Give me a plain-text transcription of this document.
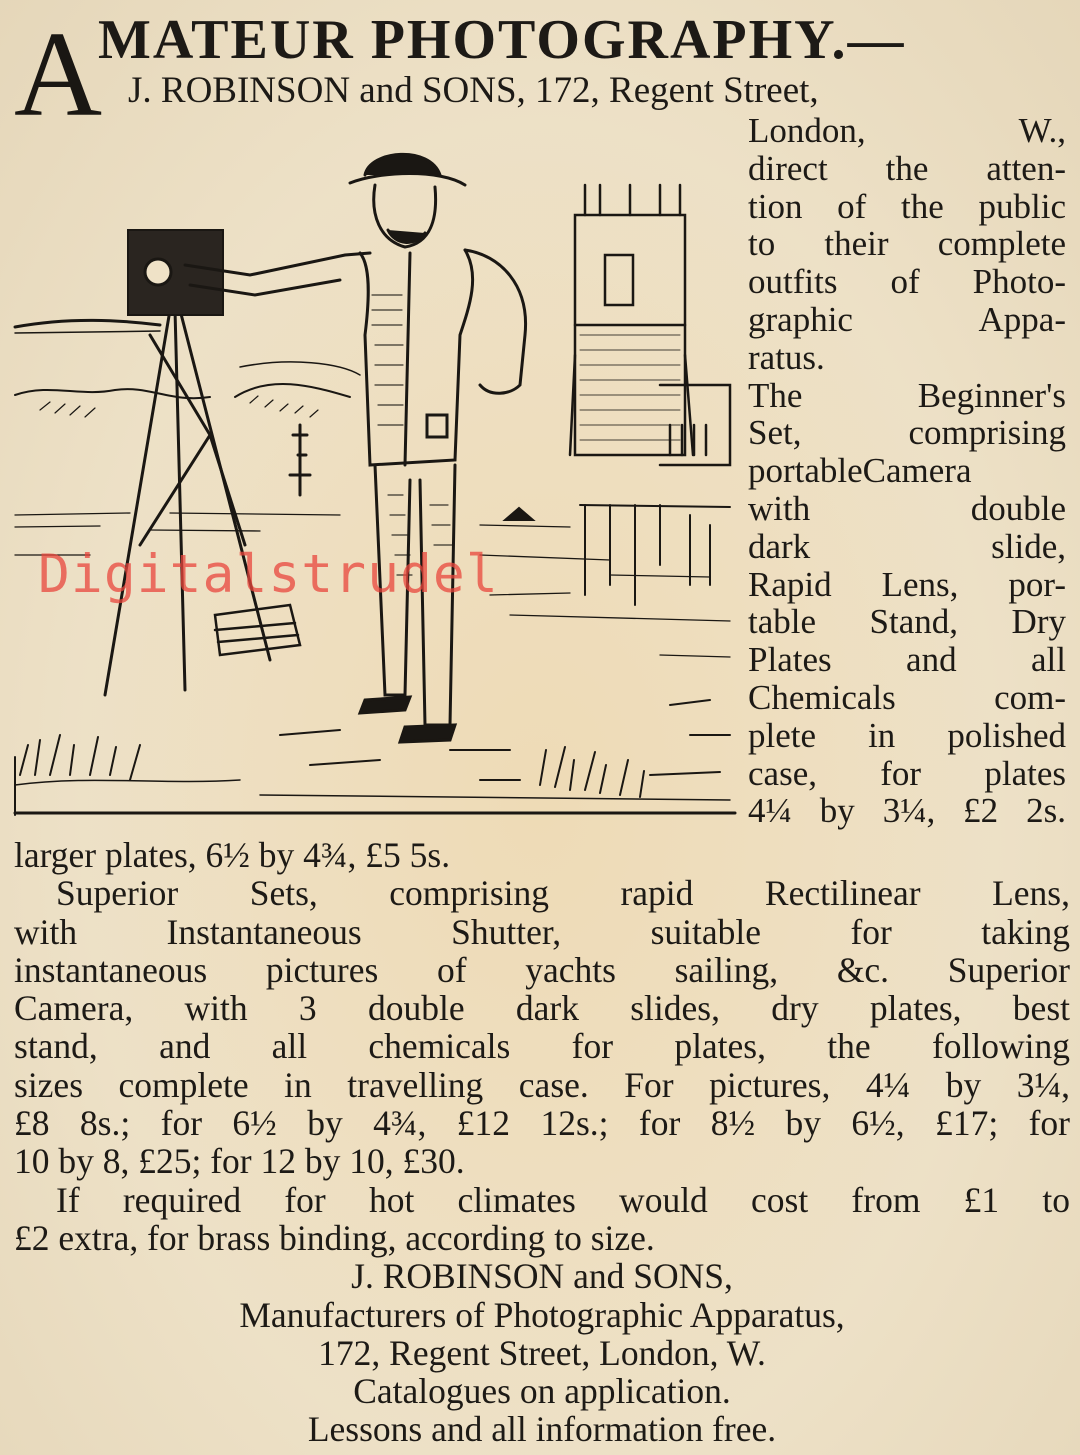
A
MATEUR PHOTOGRAPHY.—
J. ROBINSON and SONS, 172, Regent Street,
Digitalstrudel
London, W.,
direct the atten-
tion of the public
to their complete
outfits of Photo-
graphic Appa-
ratus.
The Beginner's
Set, comprising
portableCamera
with double
dark slide,
Rapid Lens, por-
table Stand, Dry
Plates and all
Chemicals com-
plete in polished
case, for plates
4¼ by 3¼, £2 2s.
larger plates, 6½ by 4¾, £5 5s.
Superior Sets, comprising rapid Rectilinear Lens,
with Instantaneous Shutter, suitable for taking
instantaneous pictures of yachts sailing, &c. Superior
Camera, with 3 double dark slides, dry plates, best
stand, and all chemicals for plates, the following
sizes complete in travelling case. For pictures, 4¼ by 3¼,
£8 8s.; for 6½ by 4¾, £12 12s.; for 8½ by 6½, £17; for
10 by 8, £25; for 12 by 10, £30.
If required for hot climates would cost from £1 to
£2 extra, for brass binding, according to size.
J. ROBINSON and SONS,
Manufacturers of Photographic Apparatus,
172, Regent Street, London, W.
Catalogues on application.
Lessons and all information free.
